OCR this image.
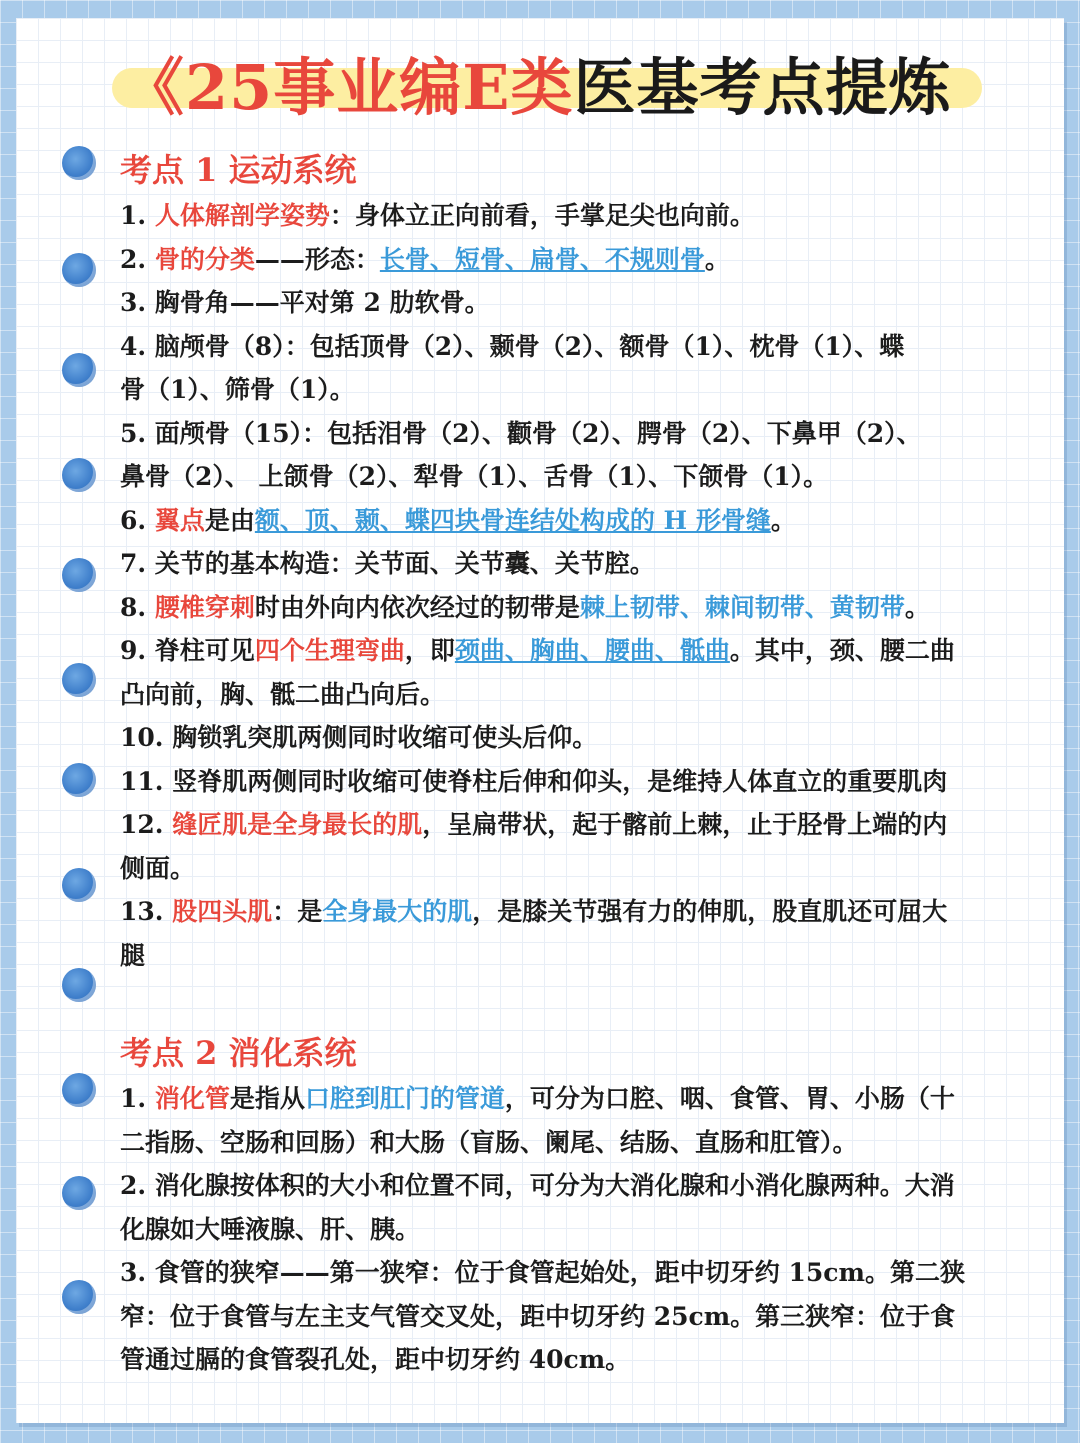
《25事业编E类医基考点提炼
考点 1 运动系统
1. 人体解剖学姿势：身体立正向前看，手掌足尖也向前。
2. 骨的分类——形态：长骨、短骨、扁骨、不规则骨。
3. 胸骨角——平对第 2 肋软骨。
4. 脑颅骨（8）：包括顶骨（2）、颞骨（2）、额骨（1）、枕骨（1）、蝶
骨（1）、筛骨（1）。
5. 面颅骨（15）：包括泪骨（2）、颧骨（2）、腭骨（2）、下鼻甲（2）、
鼻骨（2）、 上颌骨（2）、犁骨（1）、舌骨（1）、下颌骨（1）。
6. 翼点是由额、顶、颞、蝶四块骨连结处构成的 H 形骨缝。
7. 关节的基本构造：关节面、关节囊、关节腔。
8. 腰椎穿刺时由外向内依次经过的韧带是棘上韧带、棘间韧带、黄韧带。
9. 脊柱可见四个生理弯曲，即颈曲、胸曲、腰曲、骶曲。其中，颈、腰二曲
凸向前，胸、骶二曲凸向后。
10. 胸锁乳突肌两侧同时收缩可使头后仰。
11. 竖脊肌两侧同时收缩可使脊柱后伸和仰头，是维持人体直立的重要肌肉
12. 缝匠肌是全身最长的肌，呈扁带状，起于髂前上棘，止于胫骨上端的内
侧面。
13. 股四头肌：是全身最大的肌，是膝关节强有力的伸肌，股直肌还可屈大
腿
考点 2 消化系统
1. 消化管是指从口腔到肛门的管道，可分为口腔、咽、食管、胃、小肠（十
二指肠、空肠和回肠）和大肠（盲肠、阑尾、结肠、直肠和肛管）。
2. 消化腺按体积的大小和位置不同，可分为大消化腺和小消化腺两种。大消
化腺如大唾液腺、肝、胰。
3. 食管的狭窄——第一狭窄：位于食管起始处，距中切牙约 15cm。第二狭
窄：位于食管与左主支气管交叉处，距中切牙约 25cm。第三狭窄：位于食
管通过膈的食管裂孔处，距中切牙约 40cm。
